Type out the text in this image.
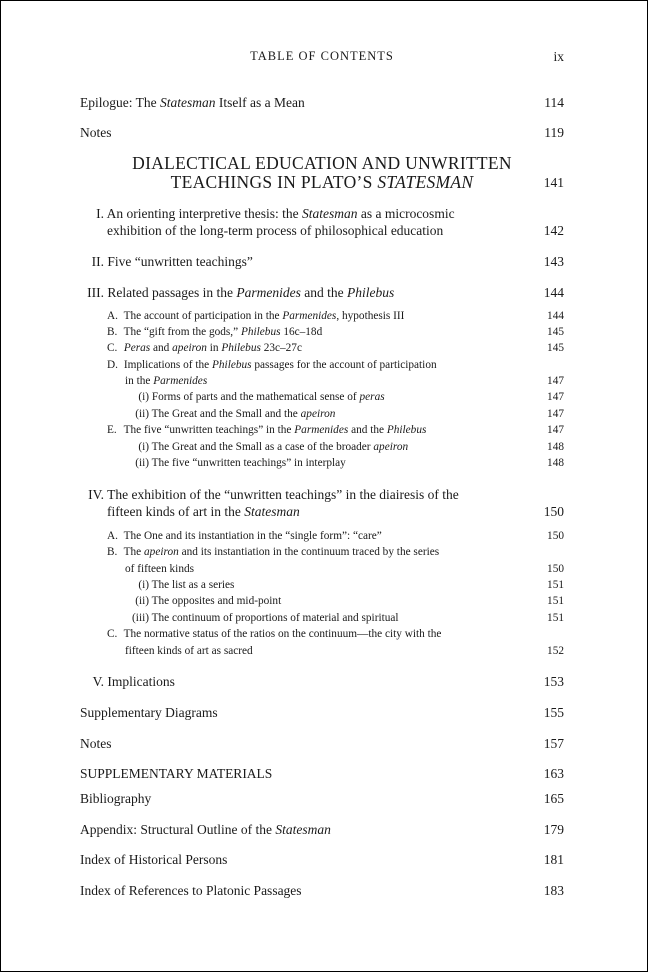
TABLE OF CONTENTS	ix
Epilogue: The Statesman Itself as a Mean	114
Notes	119
DIALECTICAL EDUCATION AND UNWRITTEN
TEACHINGS IN PLATO’S STATESMAN	141
I. An orienting interpretive thesis: the Statesman as a microcosmic
exhibition of the long-term process of philosophical education	142
II. Five “unwritten teachings”	143
III. Related passages in the Parmenides and the Philebus	144
A. The account of participation in the Parmenides, hypothesis III	144
B. The “gift from the gods,” Philebus 16c–18d	145
C. Peras and apeiron in Philebus 23c–27c	145
D. Implications of the Philebus passages for the account of participation
in the Parmenides	147
(i) Forms of parts and the mathematical sense of peras	147
(ii) The Great and the Small and the apeiron	147
E. The five “unwritten teachings” in the Parmenides and the Philebus	147
(i) The Great and the Small as a case of the broader apeiron	148
(ii) The five “unwritten teachings” in interplay	148
IV. The exhibition of the “unwritten teachings” in the diairesis of the
fifteen kinds of art in the Statesman	150
A. The One and its instantiation in the “single form”: “care”	150
B. The apeiron and its instantiation in the continuum traced by the series
of fifteen kinds	150
(i) The list as a series	151
(ii) The opposites and mid-point	151
(iii) The continuum of proportions of material and spiritual	151
C. The normative status of the ratios on the continuum—the city with the
fifteen kinds of art as sacred	152
V. Implications	153
Supplementary Diagrams	155
Notes	157
SUPPLEMENTARY MATERIALS	163
Bibliography	165
Appendix: Structural Outline of the Statesman	179
Index of Historical Persons	181
Index of References to Platonic Passages	183
